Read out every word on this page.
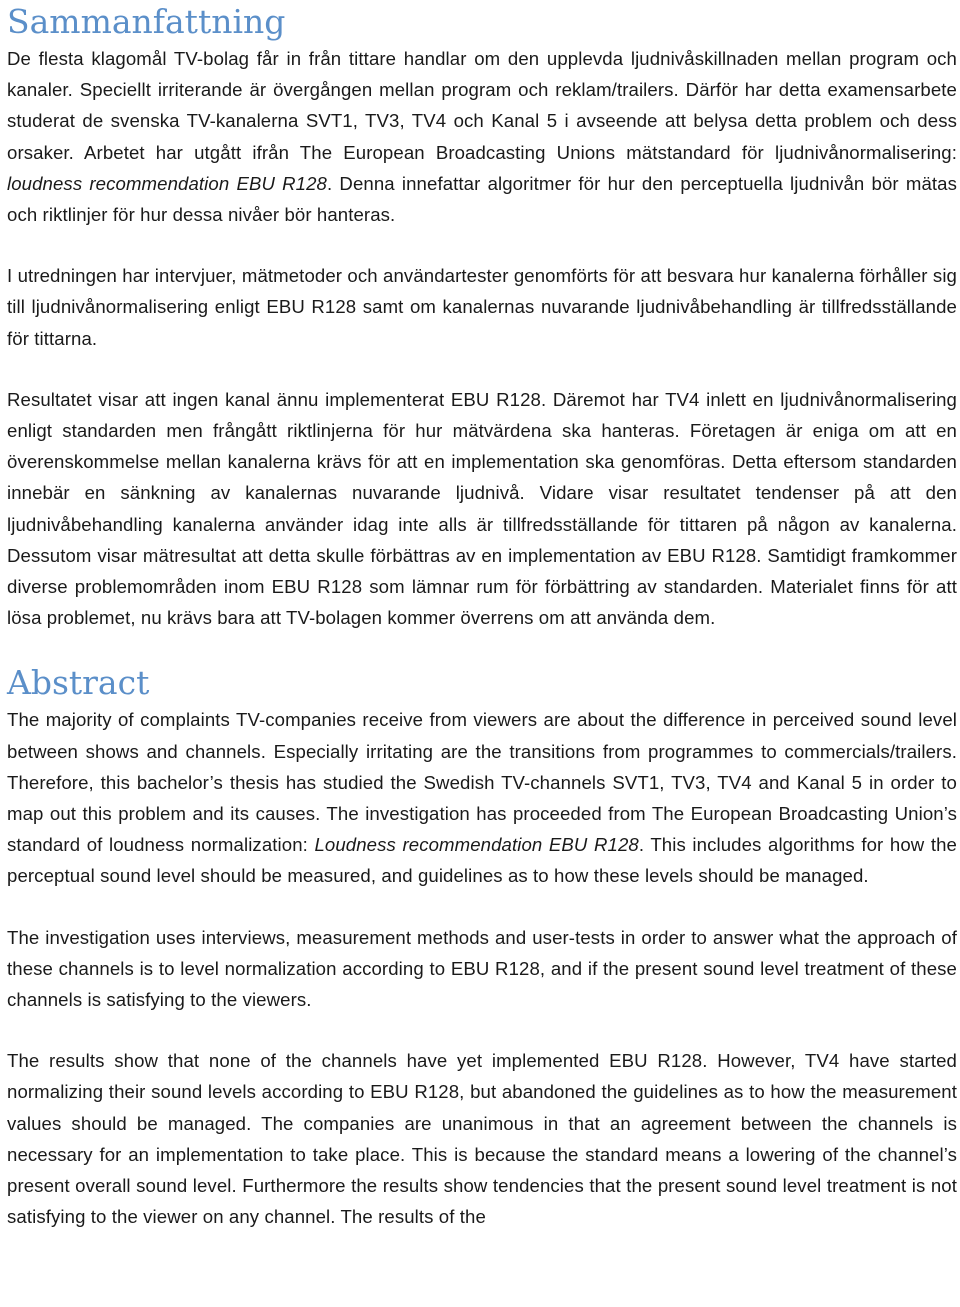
Sammanfattning

De flesta klagomål TV-bolag får in från tittare handlar om den upplevda ljudnivåskillnaden mellan program och kanaler. Speciellt irriterande är övergången mellan program och reklam/trailers. Därför har detta examensarbete studerat de svenska TV-kanalerna SVT1, TV3, TV4 och Kanal 5 i avseende att belysa detta problem och dess orsaker. Arbetet har utgått ifrån The European Broadcasting Unions mätstandard för ljudnivånormalisering: loudness recommendation EBU R128. Denna innefattar algoritmer för hur den perceptuella ljudnivån bör mätas och riktlinjer för hur dessa nivåer bör hanteras.

I utredningen har intervjuer, mätmetoder och användartester genomförts för att besvara hur kanalerna förhåller sig till ljudnivånormalisering enligt EBU R128 samt om kanalernas nuvarande ljudnivåbehandling är tillfredsställande för tittarna.

Resultatet visar att ingen kanal ännu implementerat EBU R128. Däremot har TV4 inlett en ljudnivånormalisering enligt standarden men frångått riktlinjerna för hur mätvärdena ska hanteras. Företagen är eniga om att en överenskommelse mellan kanalerna krävs för att en implementation ska genomföras. Detta eftersom standarden innebär en sänkning av kanalernas nuvarande ljudnivå. Vidare visar resultatet tendenser på att den ljudnivåbehandling kanalerna använder idag inte alls är tillfredsställande för tittaren på någon av kanalerna. Dessutom visar mätresultat att detta skulle förbättras av en implementation av EBU R128. Samtidigt framkommer diverse problemområden inom EBU R128 som lämnar rum för förbättring av standarden. Materialet finns för att lösa problemet, nu krävs bara att TV-bolagen kommer överrens om att använda dem.

Abstract

The majority of complaints TV-companies receive from viewers are about the difference in perceived sound level between shows and channels. Especially irritating are the transitions from programmes to commercials/trailers. Therefore, this bachelor’s thesis has studied the Swedish TV-channels SVT1, TV3, TV4 and Kanal 5 in order to map out this problem and its causes. The investigation has proceeded from The European Broadcasting Union’s standard of loudness normalization: Loudness recommendation EBU R128. This includes algorithms for how the perceptual sound level should be measured, and guidelines as to how these levels should be managed.

The investigation uses interviews, measurement methods and user-tests in order to answer what the approach of these channels is to level normalization according to EBU R128, and if the present sound level treatment of these channels is satisfying to the viewers.

The results show that none of the channels have yet implemented EBU R128. However, TV4 have started normalizing their sound levels according to EBU R128, but abandoned the guidelines as to how the measurement values should be managed. The companies are unanimous in that an agreement between the channels is necessary for an implementation to take place. This is because the standard means a lowering of the channel’s present overall sound level. Furthermore the results show tendencies that the present sound level treatment is not satisfying to the viewer on any channel. The results of the
